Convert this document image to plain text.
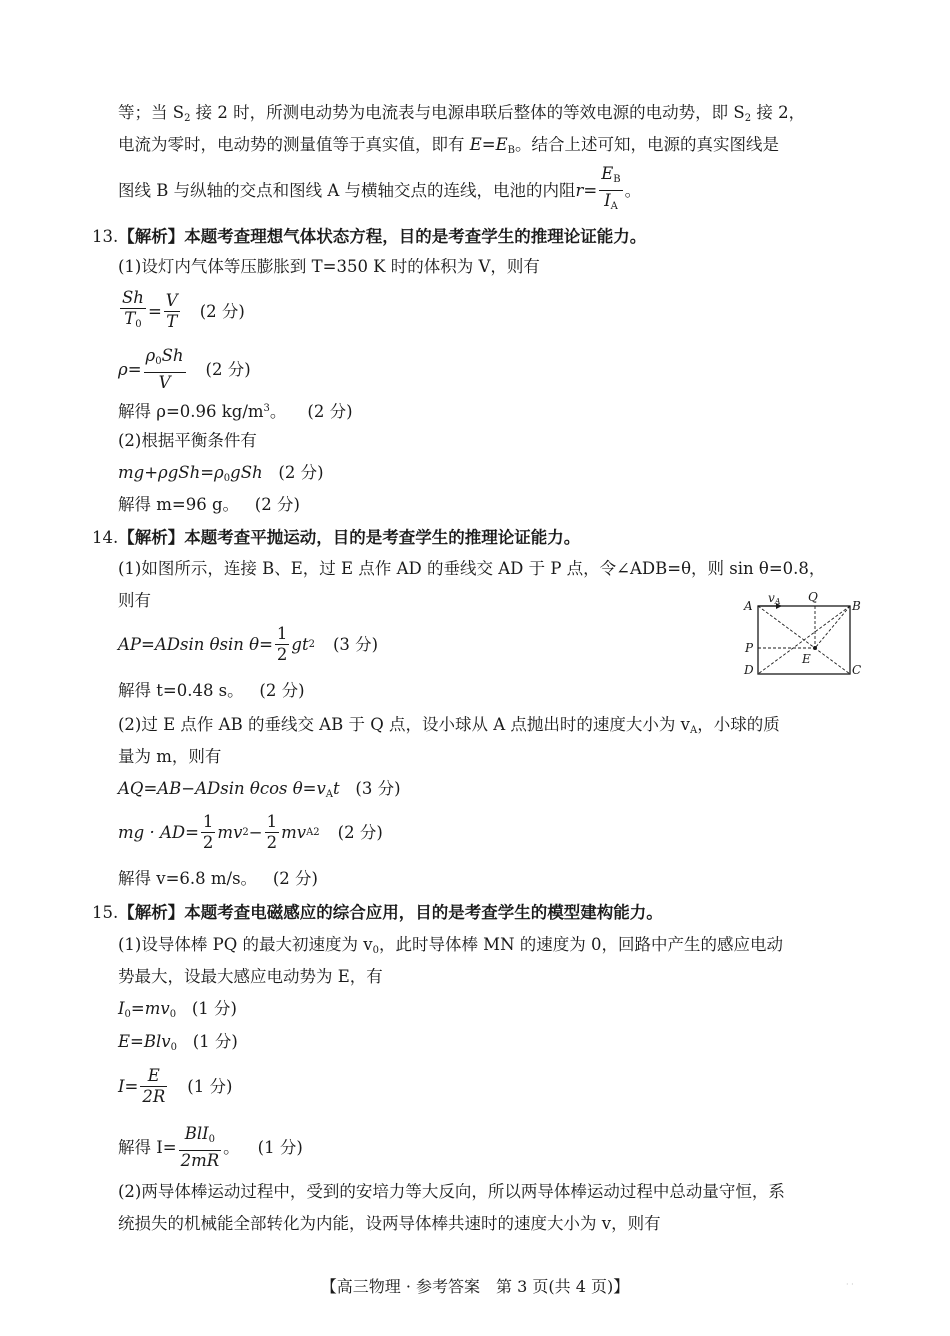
等；当 $S_2$ 接 2 时，所测电动势为电流表与电源串联后整体的等效电源的电动势，即 $S_2$ 接 2，
电流为零时，电动势的测量值等于真实值，即有 $E=E_B$。结合上述可知，电源的真实图线是
图线 B 与纵轴的交点和图线 A 与横轴交点的连线，电池的内阻 $r= \frac{E_B}{I_A}$ 。
13.【解析】本题考查理想气体状态方程，目的是考查学生的推理论证能力。
(1)设灯内气体等压膨胀到 T=350 K 时的体积为 V，则有
$\frac{Sh}{T_0} = \frac{V}{T} (2$ 分)
$\rho= \frac{\rho_0Sh}{V} (2$ 分)
解得 ρ=0.96 $kg/m^3$。 (2 分)
(2)根据平衡条件有
$mg+\rho gSh=\rho_0gSh$ (2 分)
解得 m=96 g。 (2 分)
14.【解析】本题考查平抛运动，目的是考查学生的推理论证能力。
(1)如图所示，连接 B、E，过 E 点作 AD 的垂线交 AD 于 P 点，令∠ADB=θ，则 sin θ=0.8，
则有
AP=ADsin θsin $\theta= \frac{1}{2}$ gt 2 (3 分)
解得 t=0.48 s。 (2 分)
(2)过 E 点作 AB 的垂线交 AB 于 Q 点，设小球从 A 点抛出时的速度大小为 $v_A$，小球的质
量为 m，则有
AQ=AB−ADsin θcos $\theta=v_At$ (3 分)
mg · $AD= \frac{1}{2}$ mv $2 - \frac{1}{2}$ mv A 2 (2 分)
解得 v=6.8 m/s。 (2 分)
A	B
C
D
P
Q
E
vA
15.【解析】本题考查电磁感应的综合应用，目的是考查学生的模型建构能力。
(1)设导体棒 PQ 的最大初速度为 $v_0$，此时导体棒 MN 的速度为 0，回路中产生的感应电动
势最大，设最大感应电动势为 E，有
$I_0=mv_0$ (1 分)
E=Blv$_0$ (1 分)
$I= \frac{E}{2R} (1$ 分)
解得 $I= \frac{BlI_0}{2mR}$ 。 (1 分)
(2)两导体棒运动过程中，受到的安培力等大反向，所以两导体棒运动过程中总动量守恒，系
统损失的机械能全部转化为内能，设两导体棒共速时的速度大小为 v，则有
【高三物理 · 参考答案　第 3 页(共 4 页)】	· ·
